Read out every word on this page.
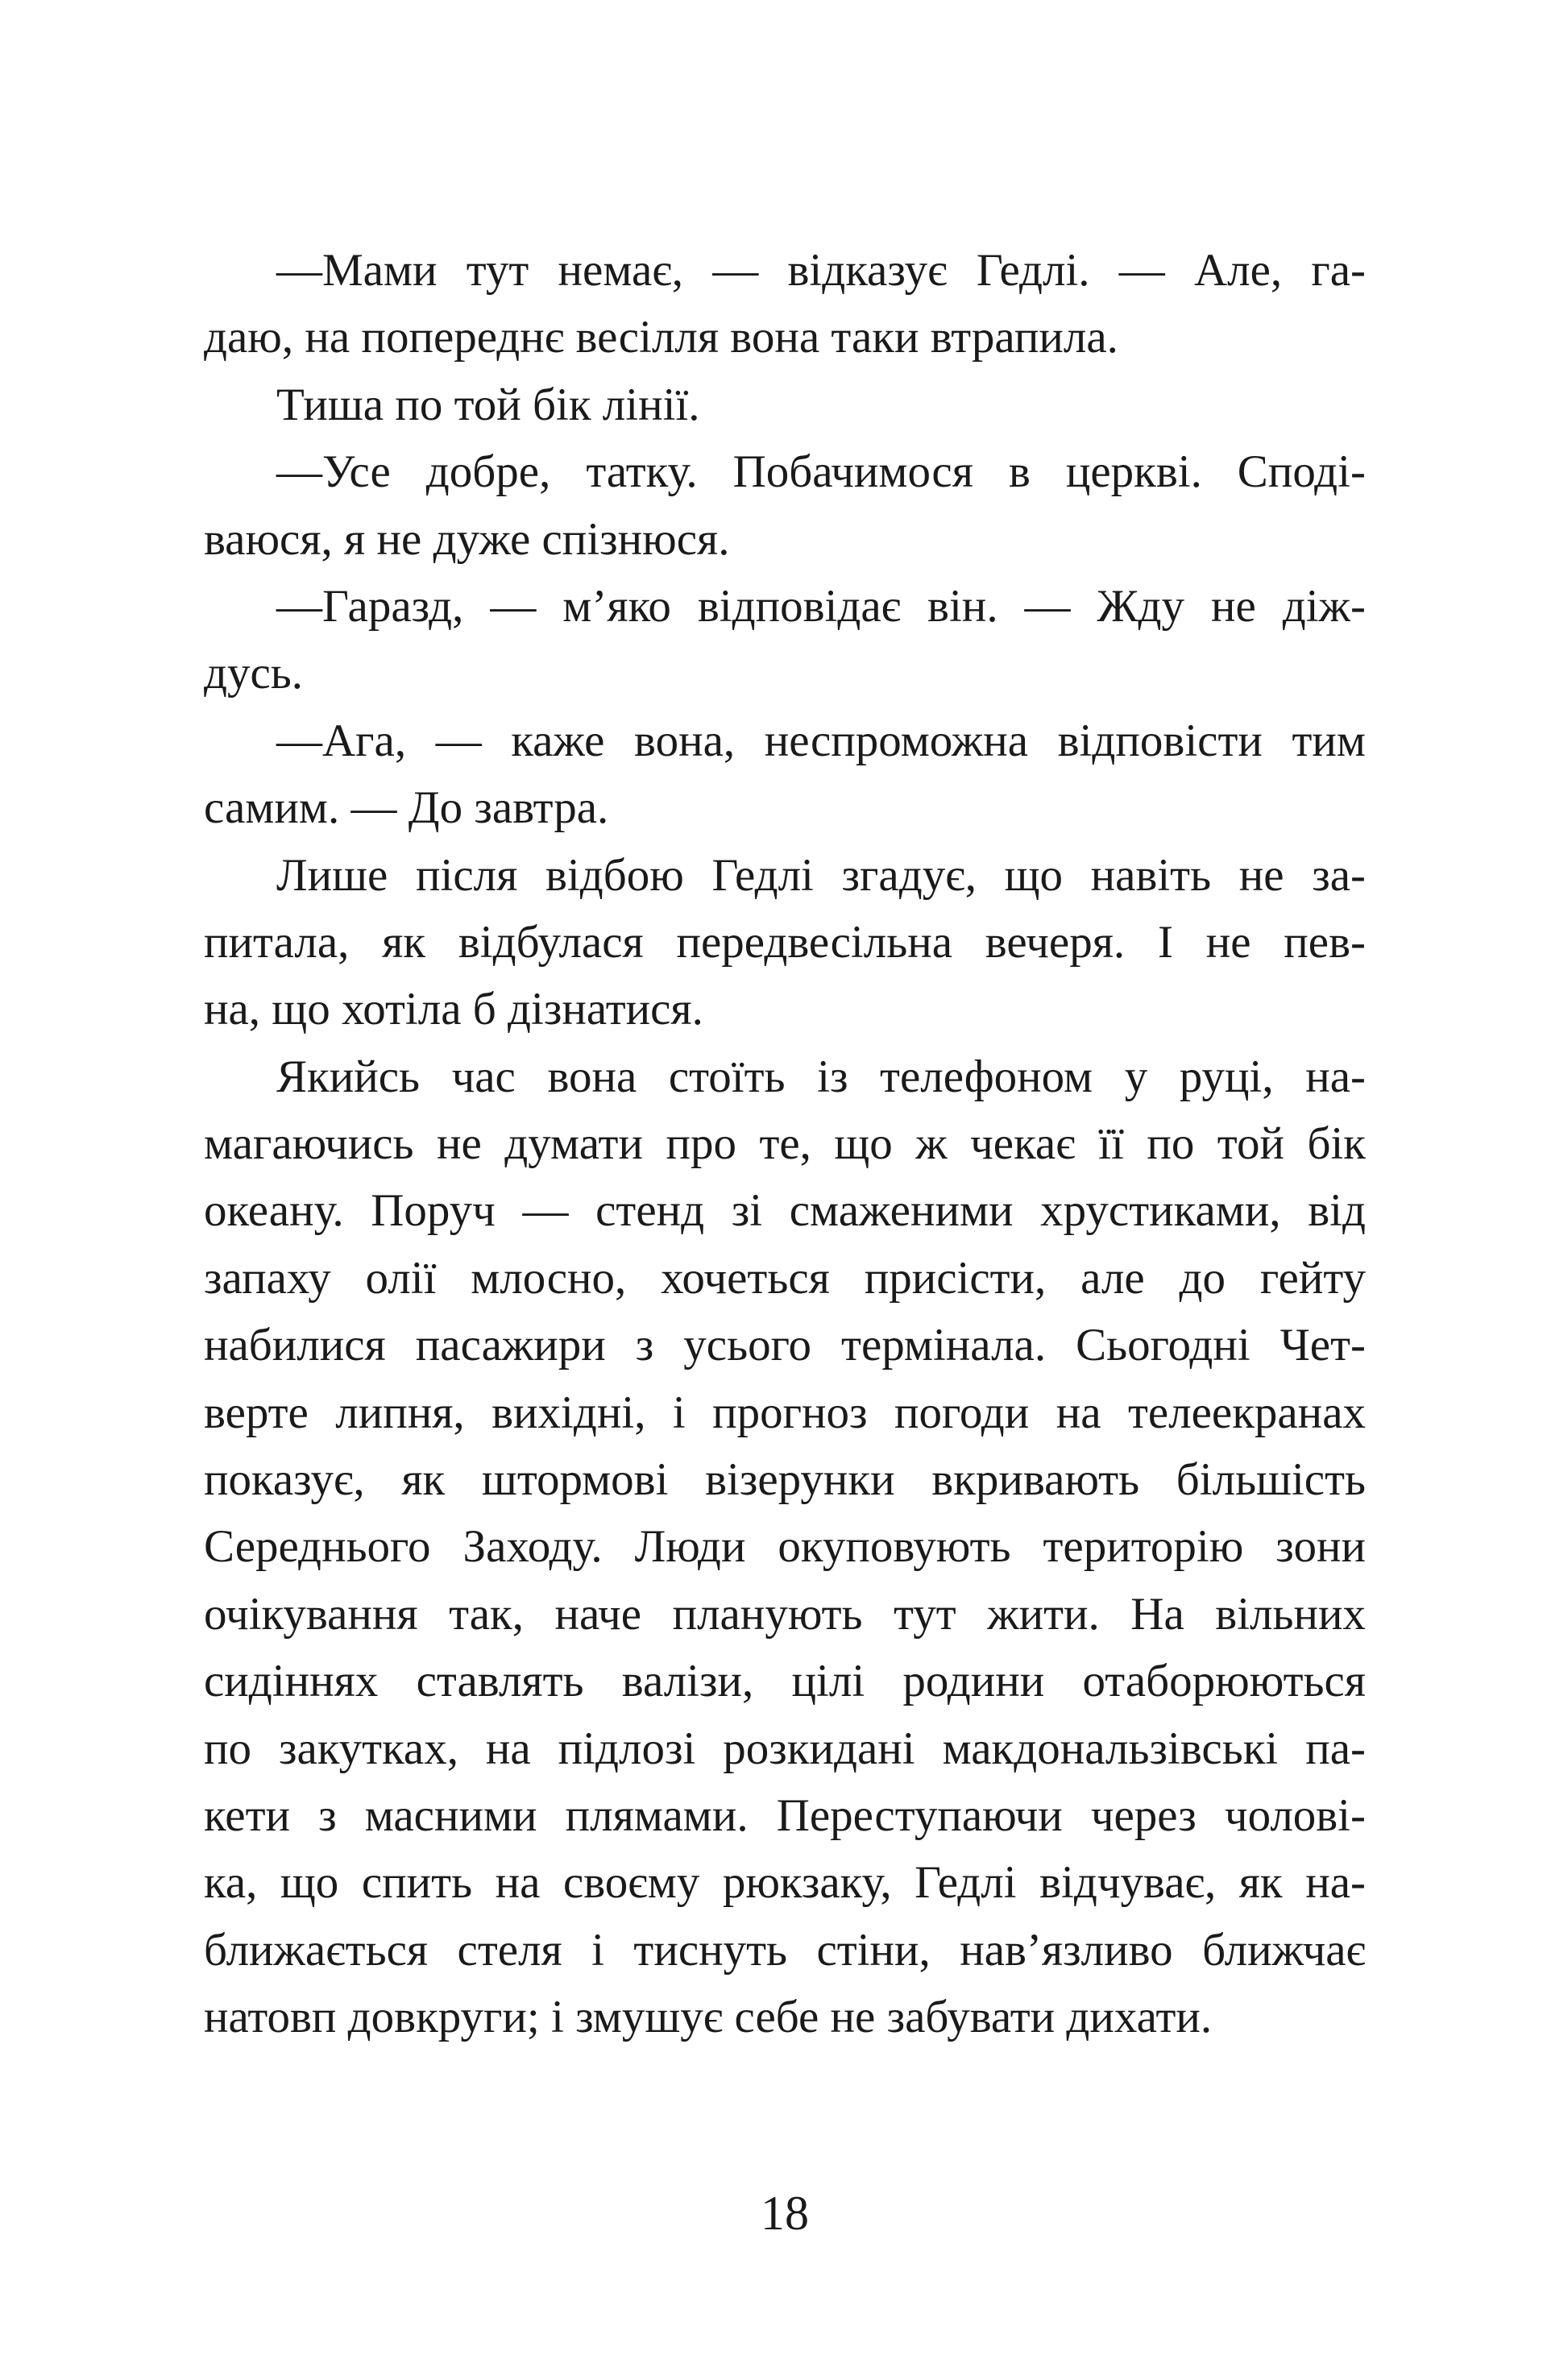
—Мами тут немає, — відказує Гедлі. — Але, га-
даю, на попереднє весілля вона таки втрапила.
Тиша по той бік лінії.
—Усе добре, татку. Побачимося в церкві. Сподi-
ваюся, я не дуже спізнюся.
—Гаразд, — м’яко відповідає він. — Жду не діж-
дусь.
—Ага, — каже вона, неспроможна відповісти тим
самим. — До завтра.
Лише після відбою Гедлі згадує, що навіть не за-
питала, як відбулася передвесільна вечеря. І не пев-
на, що хотіла б дізнатися.
Якийсь час вона стоїть із телефоном у руці, на-
магаючись не думати про те, що ж чекає її по той бік
океану. Поруч — стенд зі смаженими хрустиками, від
запаху олії млосно, хочеться присісти, але до гейту
набилися пасажири з усього термінала. Сьогодні Чет-
верте липня, вихідні, і прогноз погоди на телеекранах
показує, як штормові візерунки вкривають більшість
Середнього Заходу. Люди окуповують територію зони
очікування так, наче планують тут жити. На вільних
сидіннях ставлять валізи, цілі родини отаборюються
по закутках, на підлозі розкидані макдональзівські па-
кети з масними плямами. Переступаючи через чолові-
ка, що спить на своєму рюкзаку, Гедлі відчуває, як на-
ближається стеля і тиснуть стіни, нав’язливо ближчає
натовп довкруги; і змушує себе не забувати дихати.
18
